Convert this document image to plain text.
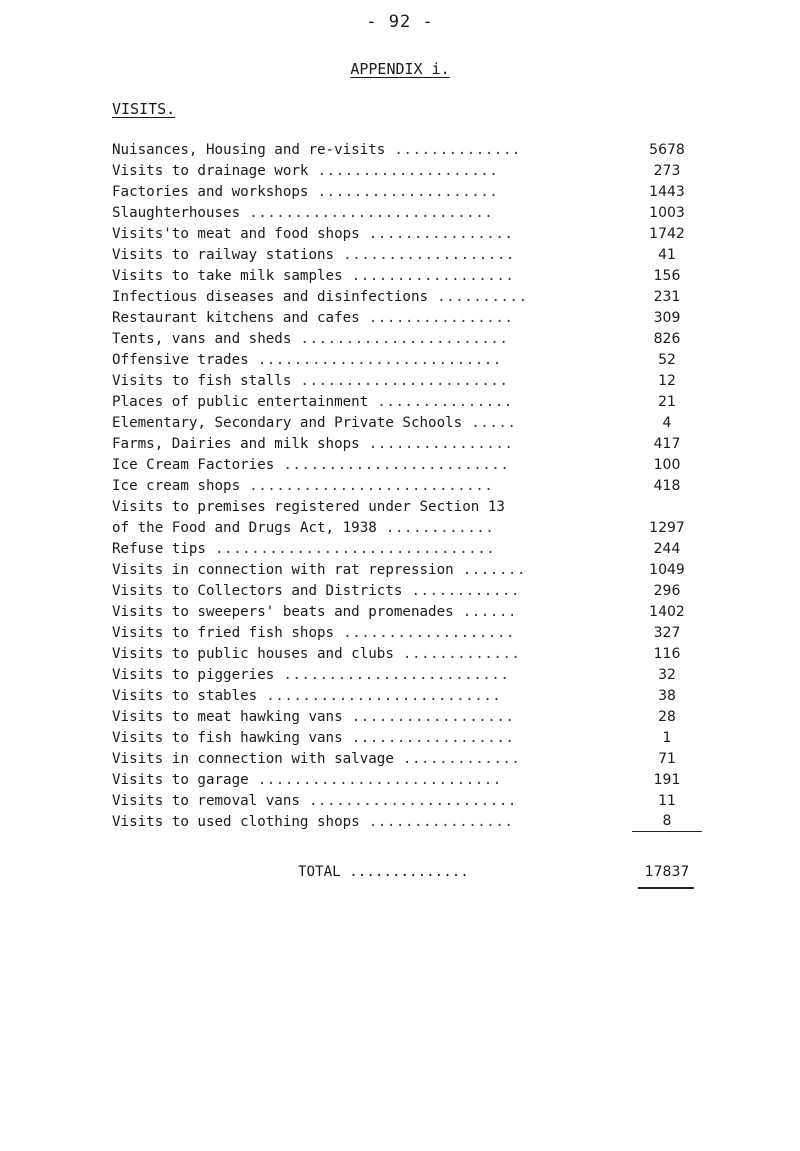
- 92 -
APPENDIX i.
VISITS.
Nuisances, Housing and re-visits ..............	5678
Visits to drainage work ....................	273
Factories and workshops ....................	1443
Slaughterhouses ...........................	1003
Visits'to meat and food shops ................	1742
Visits to railway stations ...................	41
Visits to take milk samples ..................	156
Infectious diseases and disinfections ..........	231
Restaurant kitchens and cafes ................	309
Tents, vans and sheds .......................	826
Offensive trades ...........................	52
Visits to fish stalls .......................	12
Places of public entertainment ...............	21
Elementary, Secondary and Private Schools .....	4
Farms, Dairies and milk shops ................	417
Ice Cream Factories .........................	100
Ice cream shops ...........................	418
Visits to premises registered under Section 13
of the Food and Drugs Act, 1938 ............	1297
Refuse tips ...............................	244
Visits in connection with rat repression .......	1049
Visits to Collectors and Districts ............	296
Visits to sweepers' beats and promenades ......	1402
Visits to fried fish shops ...................	327
Visits to public houses and clubs .............	116
Visits to piggeries .........................	32
Visits to stables ..........................	38
Visits to meat hawking vans ..................	28
Visits to fish hawking vans ..................	1
Visits in connection with salvage .............	71
Visits to garage ...........................	191
Visits to removal vans .......................	11
Visits to used clothing shops ................	8
TOTAL ..............	17837
